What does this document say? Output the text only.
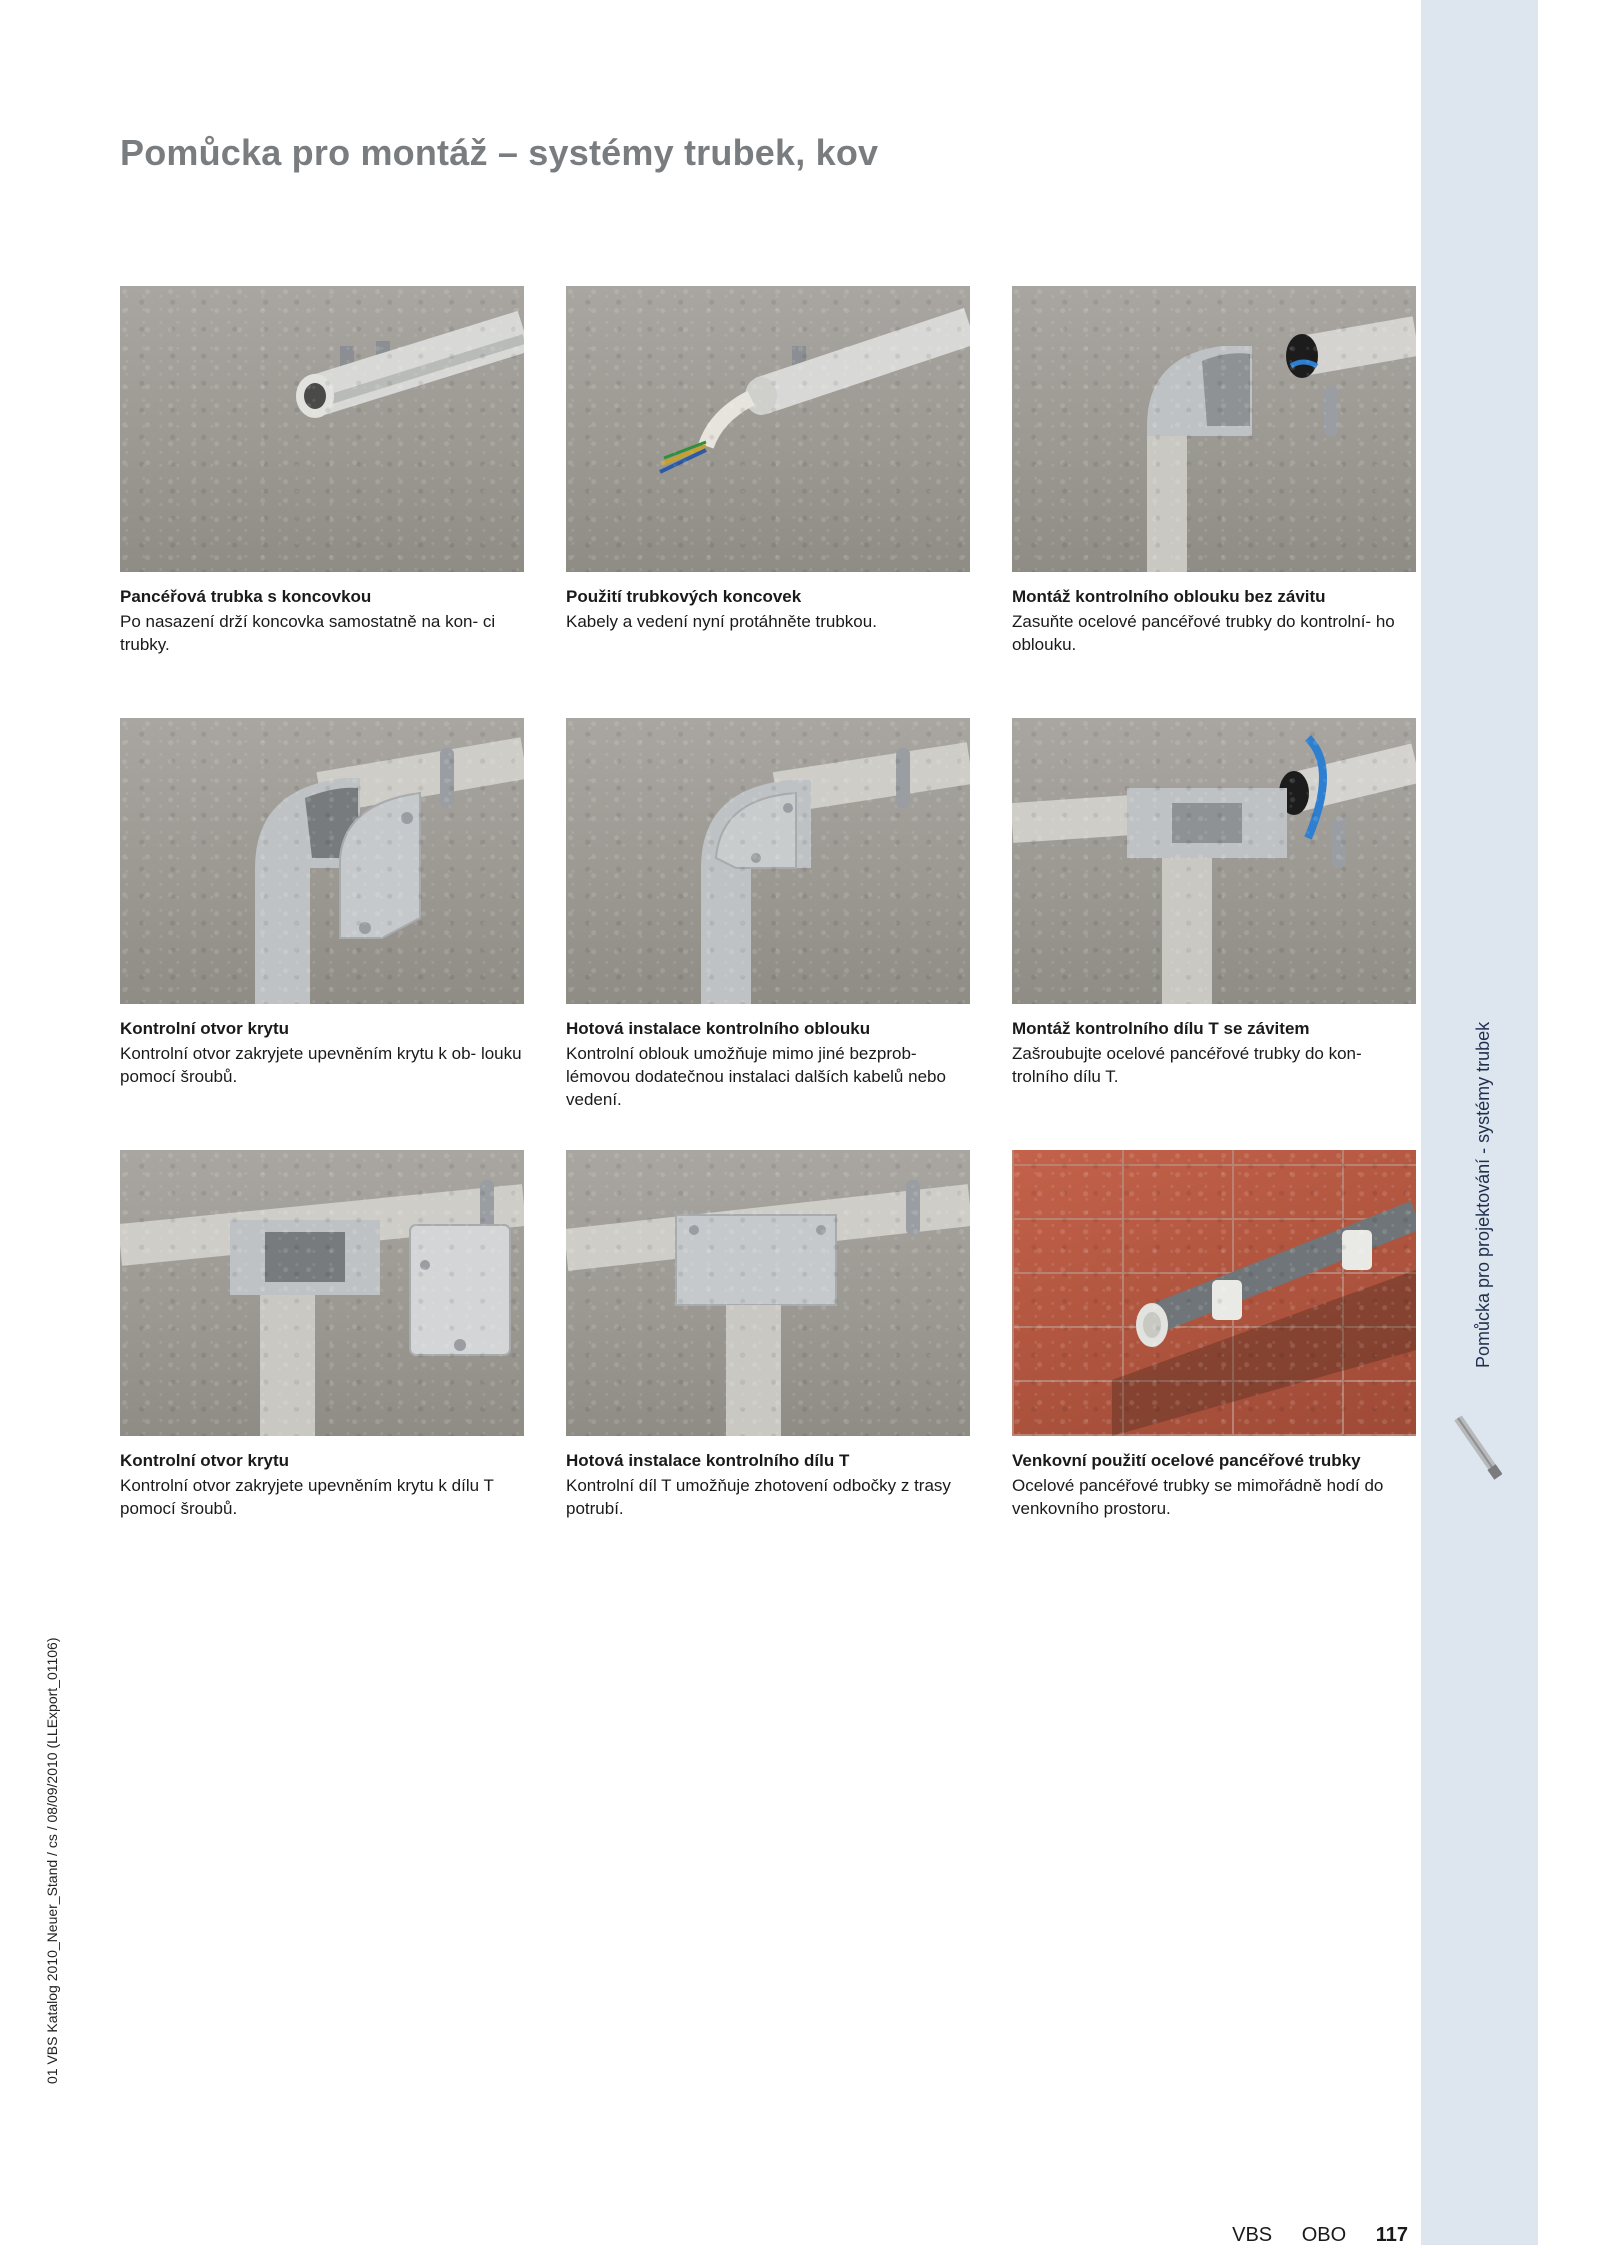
Pomůcka pro montáž – systémy trubek, kov
Pancéřová trubka s koncovkou
Po nasazení drží koncovka samostatně na kon- ci trubky.
Použití trubkových koncovek
Kabely a vedení nyní protáhněte trubkou.
Montáž kontrolního oblouku bez závitu
Zasuňte ocelové pancéřové trubky do kontrolní- ho oblouku.
Kontrolní otvor krytu
Kontrolní otvor zakryjete upevněním krytu k ob- louku pomocí šroubů.
Hotová instalace kontrolního oblouku
Kontrolní oblouk umožňuje mimo jiné bezprob- lémovou dodatečnou instalaci dalších kabelů nebo vedení.
Montáž kontrolního dílu T se závitem
Zašroubujte ocelové pancéřové trubky do kon- trolního dílu T.
Kontrolní otvor krytu
Kontrolní otvor zakryjete upevněním krytu k dílu T pomocí šroubů.
Hotová instalace kontrolního dílu T
Kontrolní díl T umožňuje zhotovení odbočky z trasy potrubí.
Venkovní použití ocelové pancéřové trubky
Ocelové pancéřové trubky se mimořádně hodí do venkovního prostoru.
Pomůcka pro projektování - systémy trubek
01 VBS Katalog 2010_Neuer_Stand / cs / 08/09/2010 (LLExport_01106)
VBS OBO 117
